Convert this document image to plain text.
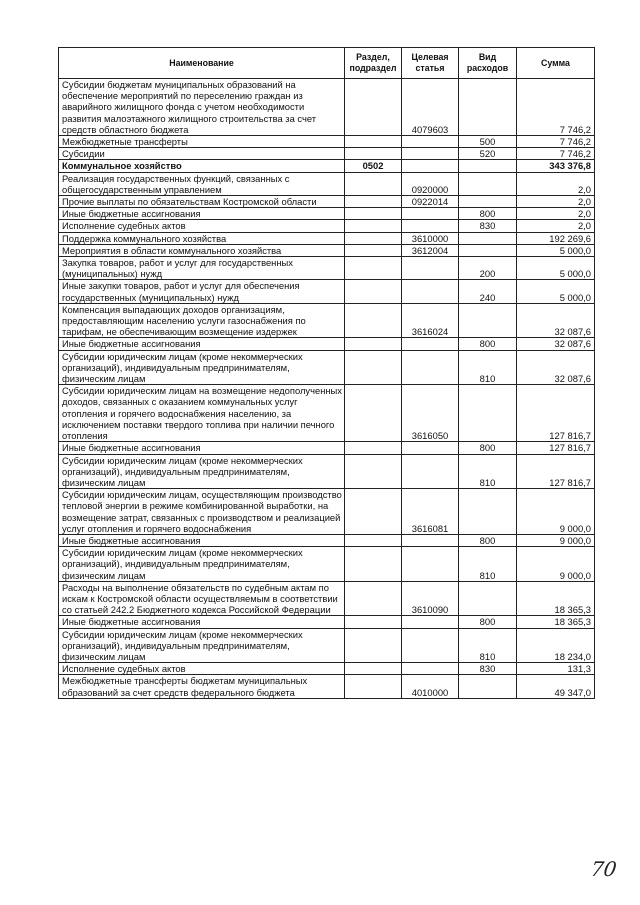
Наименование	Раздел, подраздел	Целевая статья	Вид расходов	Сумма
Субсидии бюджетам муниципальных образований на обеспечение мероприятий по переселению граждан из аварийного жилищного фонда с учетом необходимости развития малоэтажного жилищного строительства за счет средств областного бюджета		4079603		7 746,2
Межбюджетные трансферты			500	7 746,2
Субсидии			520	7 746,2
Коммунальное хозяйство	0502			343 376,8
Реализация государственных функций, связанных с общегосударственным управлением		0920000		2,0
Прочие выплаты по обязательствам Костромской области		0922014		2,0
Иные бюджетные ассигнования			800	2,0
Исполнение судебных актов			830	2,0
Поддержка коммунального хозяйства		3610000		192 269,6
Мероприятия в области коммунального хозяйства		3612004		5 000,0
Закупка товаров, работ и услуг для государственных (муниципальных) нужд			200	5 000,0
Иные закупки товаров, работ и услуг для обеспечения государственных (муниципальных) нужд			240	5 000,0
Компенсация выпадающих доходов организациям, предоставляющим населению услуги газоснабжения по тарифам, не обеспечивающим возмещение издержек		3616024		32 087,6
Иные бюджетные ассигнования			800	32 087,6
Субсидии юридическим лицам (кроме некоммерческих организаций), индивидуальным предпринимателям, физическим лицам			810	32 087,6
Субсидии юридическим лицам на возмещение недополученных доходов, связанных с оказанием коммунальных услуг отопления и горячего водоснабжения населению, за исключением поставки твердого топлива при наличии печного отопления		3616050		127 816,7
Иные бюджетные ассигнования			800	127 816,7
Субсидии юридическим лицам (кроме некоммерческих организаций), индивидуальным предпринимателям, физическим лицам			810	127 816,7
Субсидии юридическим лицам, осуществляющим производство тепловой энергии в режиме комбинированной выработки, на возмещение затрат, связанных с производством и реализацией услуг отопления и горячего водоснабжения		3616081		9 000,0
Иные бюджетные ассигнования			800	9 000,0
Субсидии юридическим лицам (кроме некоммерческих организаций), индивидуальным предпринимателям, физическим лицам			810	9 000,0
Расходы на выполнение обязательств по судебным актам по искам к Костромской области осуществляемым в соответствии со статьей 242.2 Бюджетного кодекса Российской Федерации		3610090		18 365,3
Иные бюджетные ассигнования			800	18 365,3
Субсидии юридическим лицам (кроме некоммерческих организаций), индивидуальным предпринимателям, физическим лицам			810	18 234,0
Исполнение судебных актов			830	131,3
Межбюджетные трансферты бюджетам муниципальных образований за счет средств федерального бюджета		4010000		49 347,0
70
